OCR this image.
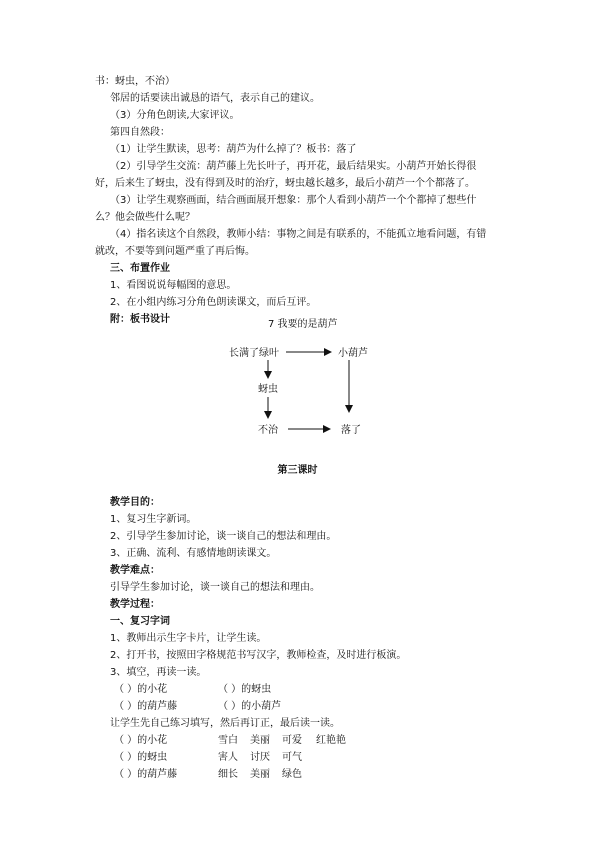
书：蚜虫，不治）
邻居的话要读出诚恳的语气，表示自己的建议。
（3）分角色朗读,大家评议。
第四自然段：
（1）让学生默读，思考：葫芦为什么掉了？板书：落了
（2）引导学生交流：葫芦藤上先长叶子，再开花，最后结果实。小葫芦开始长得很
好，后来生了蚜虫，没有得到及时的治疗，蚜虫越长越多，最后小葫芦一个个都落了。
（3）让学生观察画面，结合画面展开想象：那个人看到小葫芦一个个都掉了想些什
么？他会做些什么呢？
（4）指名读这个自然段，教师小结：事物之间是有联系的，不能孤立地看问题，有错
就改，不要等到问题严重了再后悔。
三、布置作业
1、看图说说每幅图的意思。
2、在小组内练习分角色朗读课文，而后互评。
附：板书设计	7 我要的是葫芦
长满了绿叶	小葫芦
蚜虫
不治	落了
第三课时
教学目的：
1、复习生字新词。
2、引导学生参加讨论，谈一谈自己的想法和理由。
3、正确、流利、有感情地朗读课文。
教学难点：
引导学生参加讨论，谈一谈自己的想法和理由。
教学过程：
一、复习字词
1、教师出示生字卡片，让学生读。
2、打开书，按照田字格规范书写汉字，教师检查，及时进行板演。
3、填空，再读一读。
（ ）的小花	（ ）的蚜虫
（ ）的葫芦藤	（ ）的小葫芦
让学生先自己练习填写，然后再订正，最后读一读。
（ ）的小花	雪白 美丽 可爱 红艳艳
（ ）的蚜虫	害人 讨厌 可气
（ ）的葫芦藤	细长 美丽 绿色
